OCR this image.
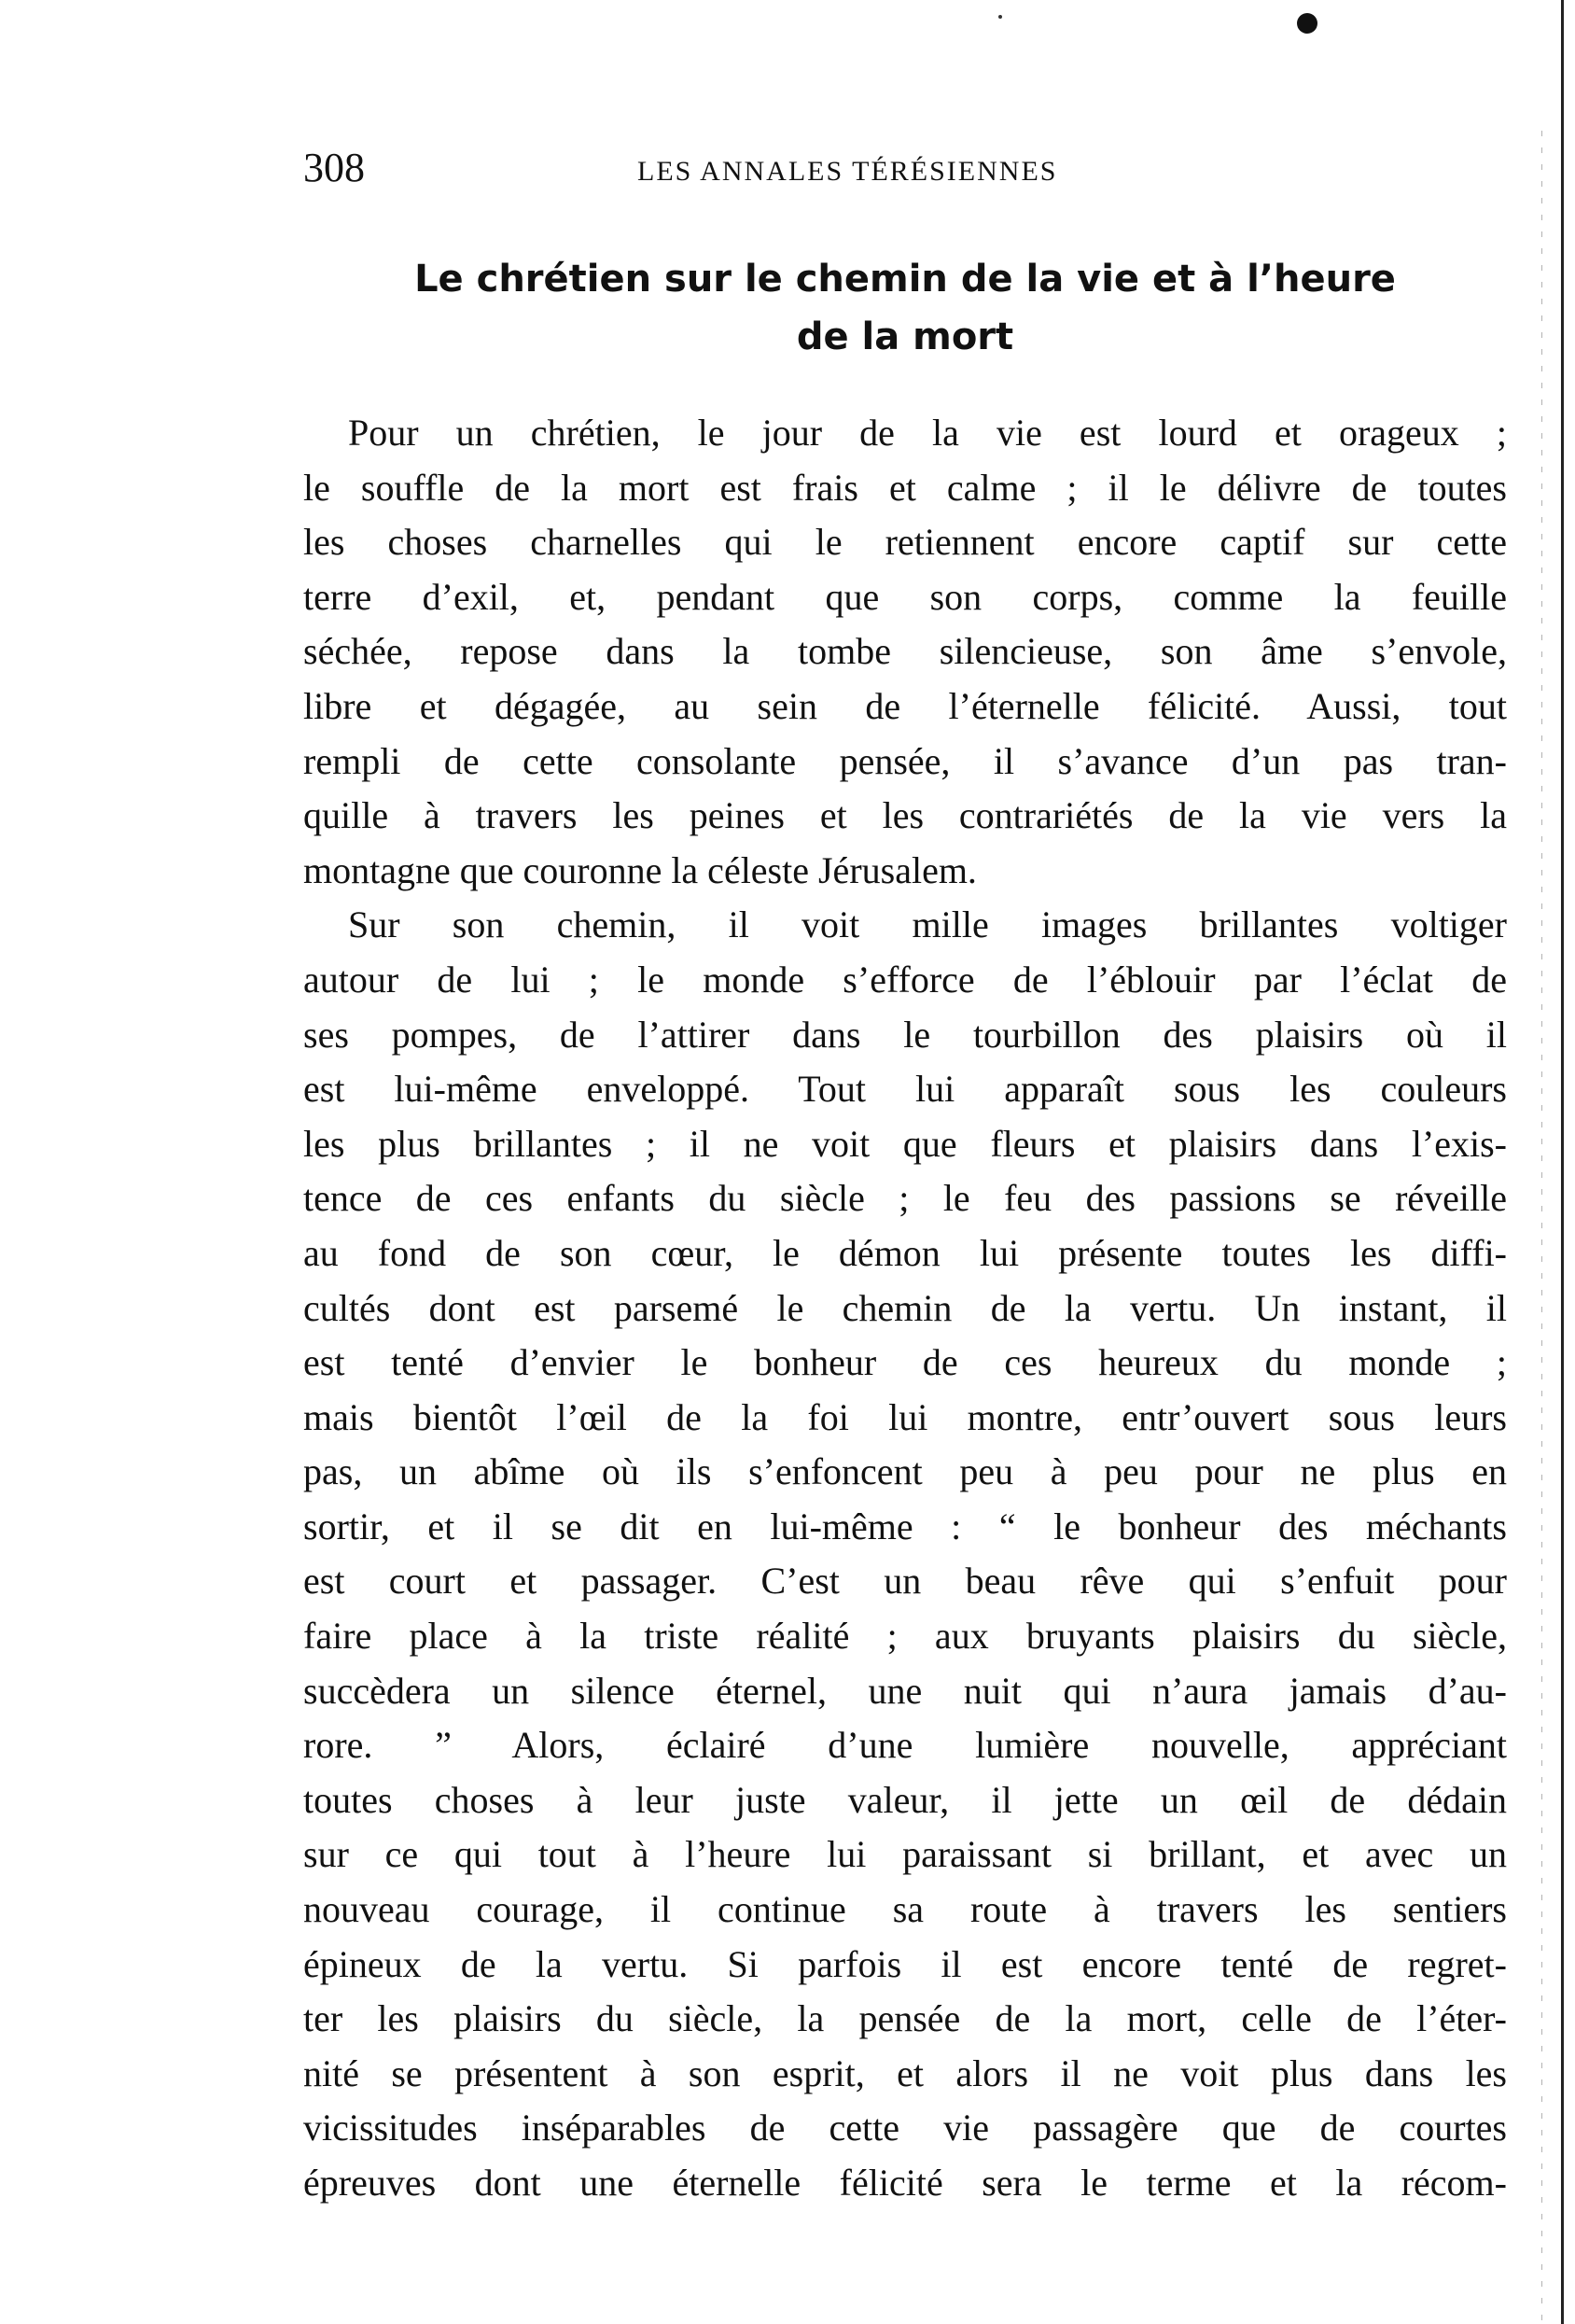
308	LES ANNALES TÉRÉSIENNES
Le chrétien sur le chemin de la vie et à l’heure
de la mort
Pour un chrétien, le jour de la vie est lourd et orageux ;
le souffle de la mort est frais et calme ; il le délivre de toutes
les choses charnelles qui le retiennent encore captif sur cette
terre d’exil, et, pendant que son corps, comme la feuille
séchée, repose dans la tombe silencieuse, son âme s’envole,
libre et dégagée, au sein de l’éternelle félicité. Aussi, tout
rempli de cette consolante pensée, il s’avance d’un pas tran-
quille à travers les peines et les contrariétés de la vie vers la
montagne que couronne la céleste Jérusalem.
Sur son chemin, il voit mille images brillantes voltiger
autour de lui ; le monde s’efforce de l’éblouir par l’éclat de
ses pompes, de l’attirer dans le tourbillon des plaisirs où il
est lui-même enveloppé. Tout lui apparaît sous les couleurs
les plus brillantes ; il ne voit que fleurs et plaisirs dans l’exis-
tence de ces enfants du siècle ; le feu des passions se réveille
au fond de son cœur, le démon lui présente toutes les diffi-
cultés dont est parsemé le chemin de la vertu. Un instant, il
est tenté d’envier le bonheur de ces heureux du monde ;
mais bientôt l’œil de la foi lui montre, entr’ouvert sous leurs
pas, un abîme où ils s’enfoncent peu à peu pour ne plus en
sortir, et il se dit en lui-même : “ le bonheur des méchants
est court et passager. C’est un beau rêve qui s’enfuit pour
faire place à la triste réalité ; aux bruyants plaisirs du siècle,
succèdera un silence éternel, une nuit qui n’aura jamais d’au-
rore. ” Alors, éclairé d’une lumière nouvelle, appréciant
toutes choses à leur juste valeur, il jette un œil de dédain
sur ce qui tout à l’heure lui paraissant si brillant, et avec un
nouveau courage, il continue sa route à travers les sentiers
épineux de la vertu. Si parfois il est encore tenté de regret-
ter les plaisirs du siècle, la pensée de la mort, celle de l’éter-
nité se présentent à son esprit, et alors il ne voit plus dans les
vicissitudes inséparables de cette vie passagère que de courtes
épreuves dont une éternelle félicité sera le terme et la récom-
